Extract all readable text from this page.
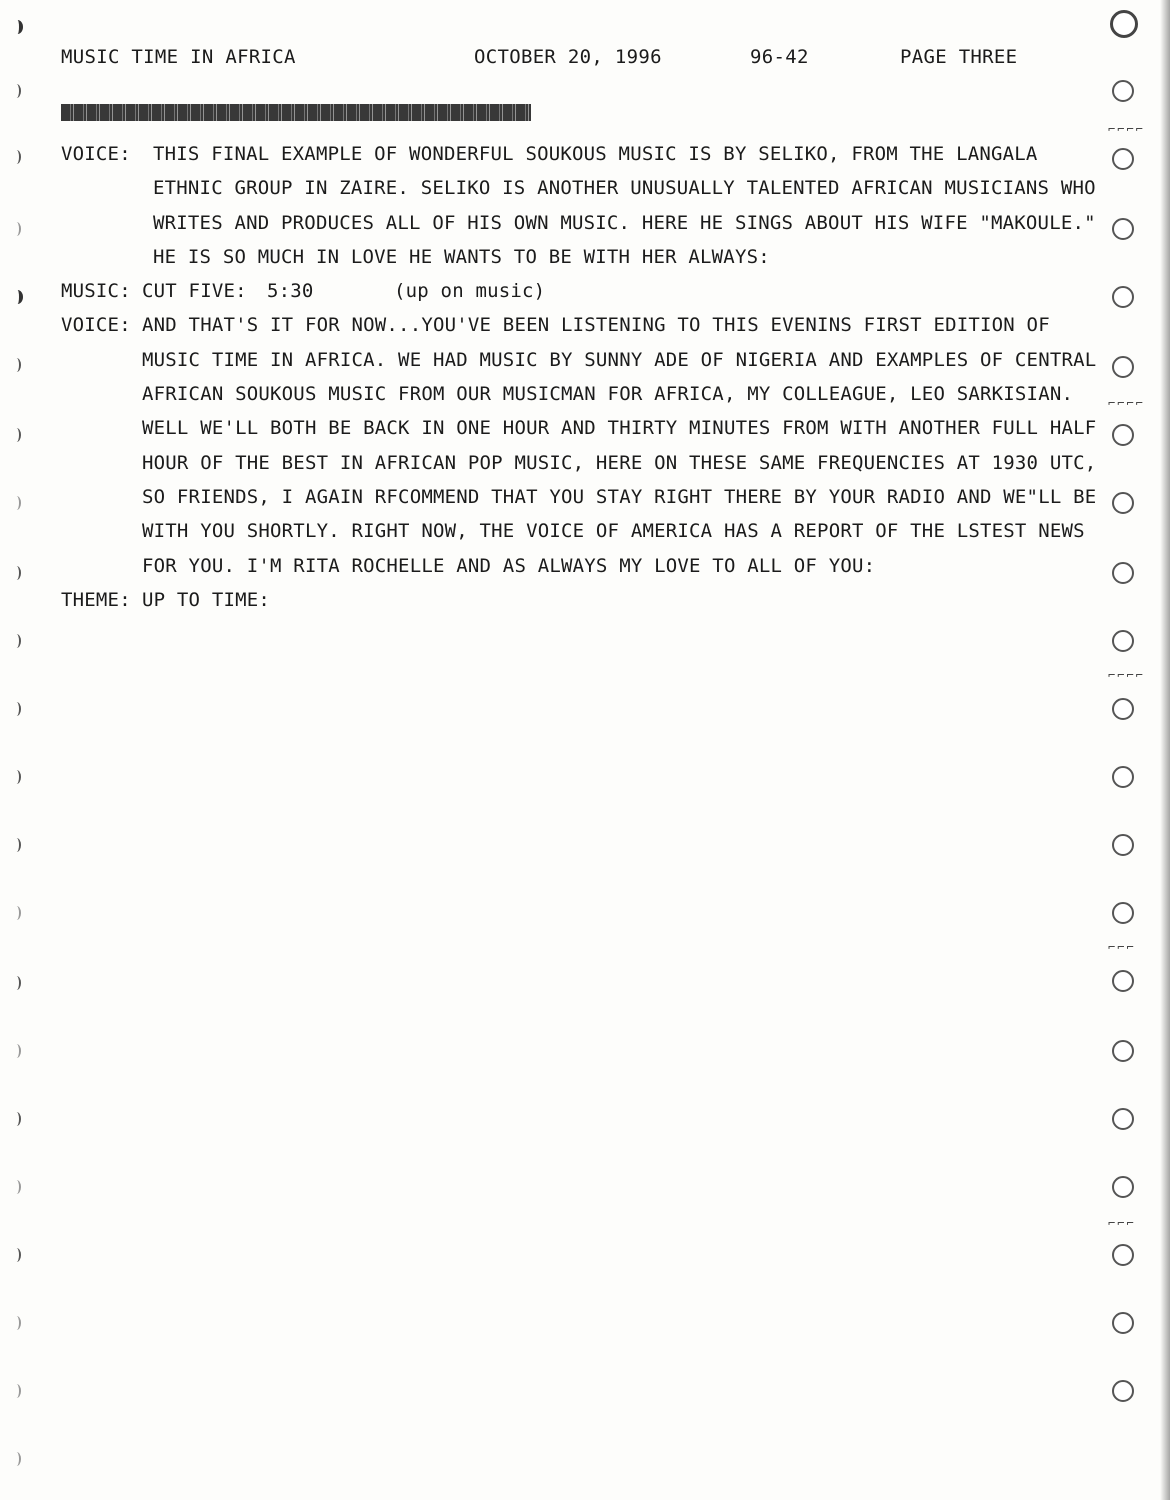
MUSIC TIME IN AFRICA	OCTOBER 20, 1996	96-42	PAGE THREE
VOICE:	THIS FINAL EXAMPLE OF WONDERFUL SOUKOUS MUSIC IS BY SELIKO, FROM THE LANGALA
ETHNIC GROUP IN ZAIRE. SELIKO IS ANOTHER UNUSUALLY TALENTED AFRICAN MUSICIANS WHO
WRITES AND PRODUCES ALL OF HIS OWN MUSIC. HERE HE SINGS ABOUT HIS WIFE "MAKOULE."
HE IS SO MUCH IN LOVE HE WANTS TO BE WITH HER ALWAYS:
MUSIC: CUT FIVE: 5:30	(up on music)
VOICE: AND THAT'S IT FOR NOW...YOU'VE BEEN LISTENING TO THIS EVENINS FIRST EDITION OF
MUSIC TIME IN AFRICA. WE HAD MUSIC BY SUNNY ADE OF NIGERIA AND EXAMPLES OF CENTRAL
AFRICAN SOUKOUS MUSIC FROM OUR MUSICMAN FOR AFRICA, MY COLLEAGUE, LEO SARKISIAN.
WELL WE'LL BOTH BE BACK IN ONE HOUR AND THIRTY MINUTES FROM WITH ANOTHER FULL HALF
HOUR OF THE BEST IN AFRICAN POP MUSIC, HERE ON THESE SAME FREQUENCIES AT 1930 UTC,
SO FRIENDS, I AGAIN RFCOMMEND THAT YOU STAY RIGHT THERE BY YOUR RADIO AND WE"LL BE
WITH YOU SHORTLY. RIGHT NOW, THE VOICE OF AMERICA HAS A REPORT OF THE LSTEST NEWS
FOR YOU. I'M RITA ROCHELLE AND AS ALWAYS MY LOVE TO ALL OF YOU:
THEME: UP TO TIME:
⌐⌐⌐⌐
⌐⌐⌐⌐
⌐⌐⌐⌐
⌐⌐⌐
⌐⌐⌐
